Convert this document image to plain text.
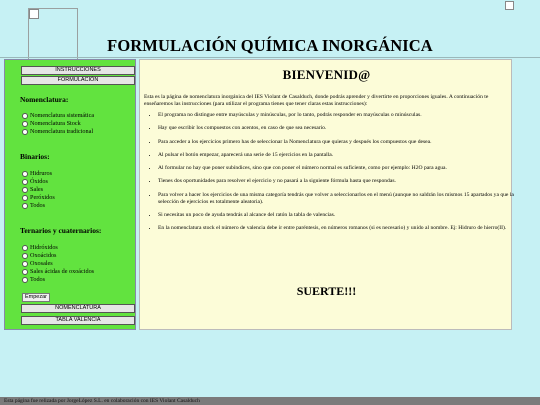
FORMULACIÓN QUÍMICA INORGÁNICA
INSTRUCCIONES
FORMULACIÓN
Nomenclatura:
Nomenclatura sistemática
Nomenclatura Stock
Nomenclatura tradicional
Binarios:
Hidruros
Óxidos
Sales
Peróxidos
Todos
Ternarios y cuaternarios:
Hidróxidos
Oxoácidos
Oxosales
Sales ácidas de oxoácidos
Todos
Empezar
NOMENCLATURA
TABLA VALENCIA
BIENVENID@

Esta es la página de nomenclatura inorgánica del IES Violant de Casalduch, donde podrás aprender y divertirte en proporciones iguales. A continuación te enseñaremos las instrucciones (para utilizar el programa tienes que tener claras estas instrucciones):

• El programa no distingue entre mayúsculas y minúsculas, por lo tanto, podrás responder en mayúsculas o minúsculas.
• Hay que escribir los compuestos con acentos, en caso de que sea necesario.
• Para acceder a los ejercicios primero has de seleccionar la Nomenclatura que quieras y después los compuestos que desea.
• Al pulsar el botón empezar, aparecerá una serie de 15 ejercicios en la pantalla.
• Al formular no hay que poner subíndices, sino que con poner el número normal es suficiente, como por ejemplo: H2O para agua.
• Tienes dos oportunidades para resolver el ejercicio y no pasará a la siguiente fórmula hasta que respondas.
• Para volver a hacer los ejercicios de una misma categoría tendrás que volver a seleccionarlos en el menú (aunque no saldrán los mismos 15 apartados ya que la selección de ejercicios es totalmente aleatoria).
• Si necesitas un poco de ayuda tendrás al alcance del ratón la tabla de valencias.
• En la nomenclatura stock el número de valencia debe ir entre paréntesis, en números romanos (si es necesario) y unido al nombre. Ej: Hidruro de hierro(II).
SUERTE!!!
Esta página fue relizada por JorgeLópez S.L. en colaboración con IES Violant Casalduch
